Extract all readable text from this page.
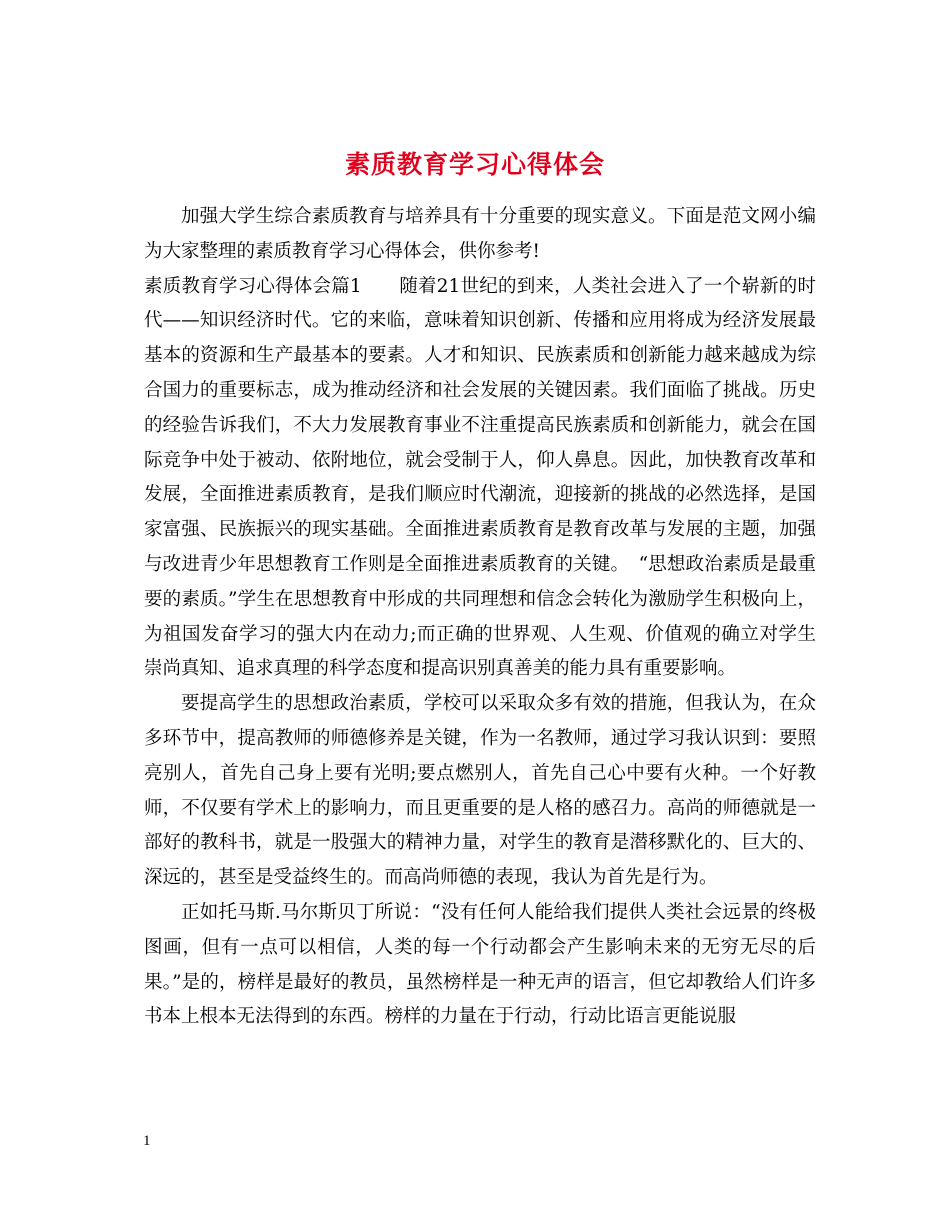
素质教育学习心得体会

加强大学生综合素质教育与培养具有十分重要的现实意义。下面是范文网小编为大家整理的素质教育学习心得体会，供你参考!

素质教育学习心得体会篇1　　随着21世纪的到来，人类社会进入了一个崭新的时代——知识经济时代。它的来临，意味着知识创新、传播和应用将成为经济发展最基本的资源和生产最基本的要素。人才和知识、民族素质和创新能力越来越成为综合国力的重要标志，成为推动经济和社会发展的关键因素。我们面临了挑战。历史的经验告诉我们，不大力发展教育事业不注重提高民族素质和创新能力，就会在国际竞争中处于被动、依附地位，就会受制于人，仰人鼻息。因此，加快教育改革和发展，全面推进素质教育，是我们顺应时代潮流，迎接新的挑战的必然选择，是国家富强、民族振兴的现实基础。全面推进素质教育是教育改革与发展的主题，加强与改进青少年思想教育工作则是全面推进素质教育的关键。　“思想政治素质是最重要的素质。”学生在思想教育中形成的共同理想和信念会转化为激励学生积极向上，为祖国发奋学习的强大内在动力;而正确的世界观、人生观、价值观的确立对学生崇尚真知、追求真理的科学态度和提高识别真善美的能力具有重要影响。

要提高学生的思想政治素质，学校可以采取众多有效的措施，但我认为，在众多环节中，提高教师的师德修养是关键，作为一名教师，通过学习我认识到：要照亮别人，首先自己身上要有光明;要点燃别人，首先自己心中要有火种。一个好教师，不仅要有学术上的影响力，而且更重要的是人格的感召力。高尚的师德就是一部好的教科书，就是一股强大的精神力量，对学生的教育是潜移默化的、巨大的、深远的，甚至是受益终生的。而高尚师德的表现，我认为首先是行为。

正如托马斯.马尔斯贝丁所说：“没有任何人能给我们提供人类社会远景的终极图画，但有一点可以相信，人类的每一个行动都会产生影响未来的无穷无尽的后果。”是的，榜样是最好的教员，虽然榜样是一种无声的语言，但它却教给人们许多书本上根本无法得到的东西。榜样的力量在于行动，行动比语言更能说服

1
